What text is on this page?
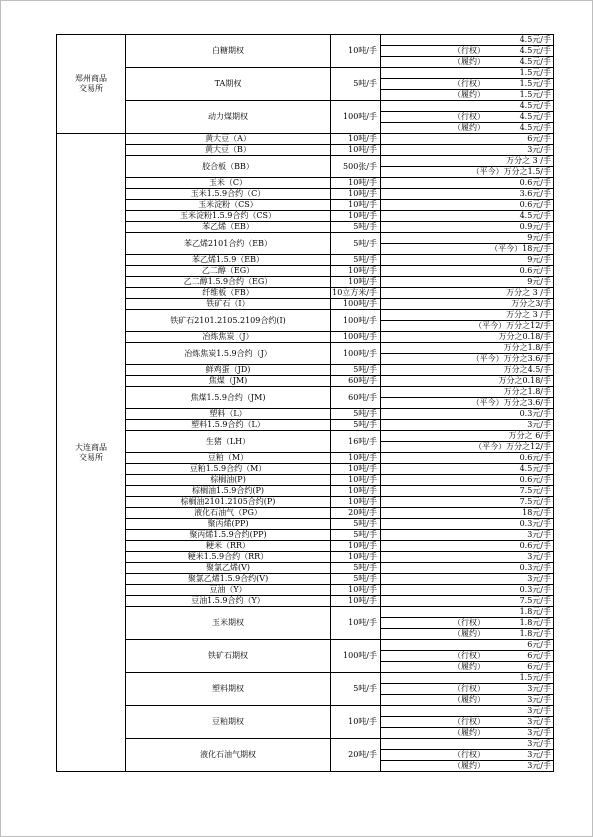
郑州商品
交易所	白糖期权	10吨/手	4.5元/手

			（行权） 4.5元/手

			（履约） 4.5元/手

	TA期权	5吨/手	1.5元/手

			（行权） 1.5元/手

			（履约） 1.5元/手

	动力煤期权	100吨/手	4.5元/手

			（行权） 4.5元/手

			（履约） 4.5元/手

大连商品
交易所	黄大豆（A）	10吨/手	6元/手

	黄大豆（B）	10吨/手	3元/手

	胶合板（BB）	500张/手	万分之 3 /手

			（平今）万分之1.5/手

	玉米（C）	10吨/手	0.6元/手

	玉米1.5.9合约（C）	10吨/手	3.6元/手

	玉米淀粉（CS）	10吨/手	0.6元/手

	玉米淀粉1.5.9合约（CS）	10吨/手	4.5元/手

	苯乙烯（EB）	5吨/手	0.9元/手

	苯乙烯2101合约（EB）	5吨/手	9元/手

			（平今）18元/手

	苯乙烯1.5.9（EB）	5吨/手	9元/手

	乙二醇（EG）	10吨/手	0.6元/手

	乙二醇1.5.9合约（EG）	10吨/手	9元/手

	纤维板（FB）	10立方米/手	万分之 3 /手

	铁矿石（I）	100吨/手	万分之3/手

	铁矿石2101.2105.2109合约(I)	100吨/手	万分之 3 /手

			（平今）万分之12/手

	冶炼焦炭（J）	100吨/手	万分之0.18/手

	冶炼焦炭1.5.9合约（J）	100吨/手	万分之1.8/手

			（平今）万分之3.6/手

	鲜鸡蛋（JD)	5吨/手	万分之4.5/手

	焦煤（JM)	60吨/手	万分之0.18/手

	焦煤1.5.9合约（JM)	60吨/手	万分之1.8/手

			（平今）万分之3.6/手

	塑料（L）	5吨/手	0.3元/手

	塑料1.5.9合约（L）	5吨/手	3元/手

	生猪（LH）	16吨/手	万分之 6/手

			（平今）万分之12/手

	豆粕（M）	10吨/手	0.6元/手

	豆粕1.5.9合约（M）	10吨/手	4.5元/手

	棕榈油(P)	10吨/手	0.6元/手

	棕榈油1.5.9合约(P)	10吨/手	7.5元/手

	棕榈油2101.2105合约(P)	10吨/手	7.5元/手

	液化石油气（PG）	20吨/手	18元/手

	聚丙烯(PP)	5吨/手	0.3元/手

	聚丙烯1.5.9合约(PP)	5吨/手	3元/手

	粳米（RR）	10吨/手	0.6元/手

	粳米1.5.9合约（RR）	10吨/手	3元/手

	聚氯乙烯(V)	5吨/手	0.3元/手

	聚氯乙烯1.5.9合约(V)	5吨/手	3元/手

	豆油（Y）	10吨/手	0.3元/手

	豆油1.5.9合约（Y）	10吨/手	7.5元/手

	玉米期权	10吨/手	1.8元/手

			（行权） 1.8元/手

			（履约） 1.8元/手

	铁矿石期权	100吨/手	6元/手

			（行权） 6元/手

			（履约） 6元/手

	塑料期权	5吨/手	1.5元/手

			（行权） 3元/手

			（履约） 3元/手

	豆粕期权	10吨/手	3元/手

			（行权） 3元/手

			（履约） 3元/手

	液化石油气期权	20吨/手	3元/手

			（行权） 3元/手

			（履约） 3元/手
